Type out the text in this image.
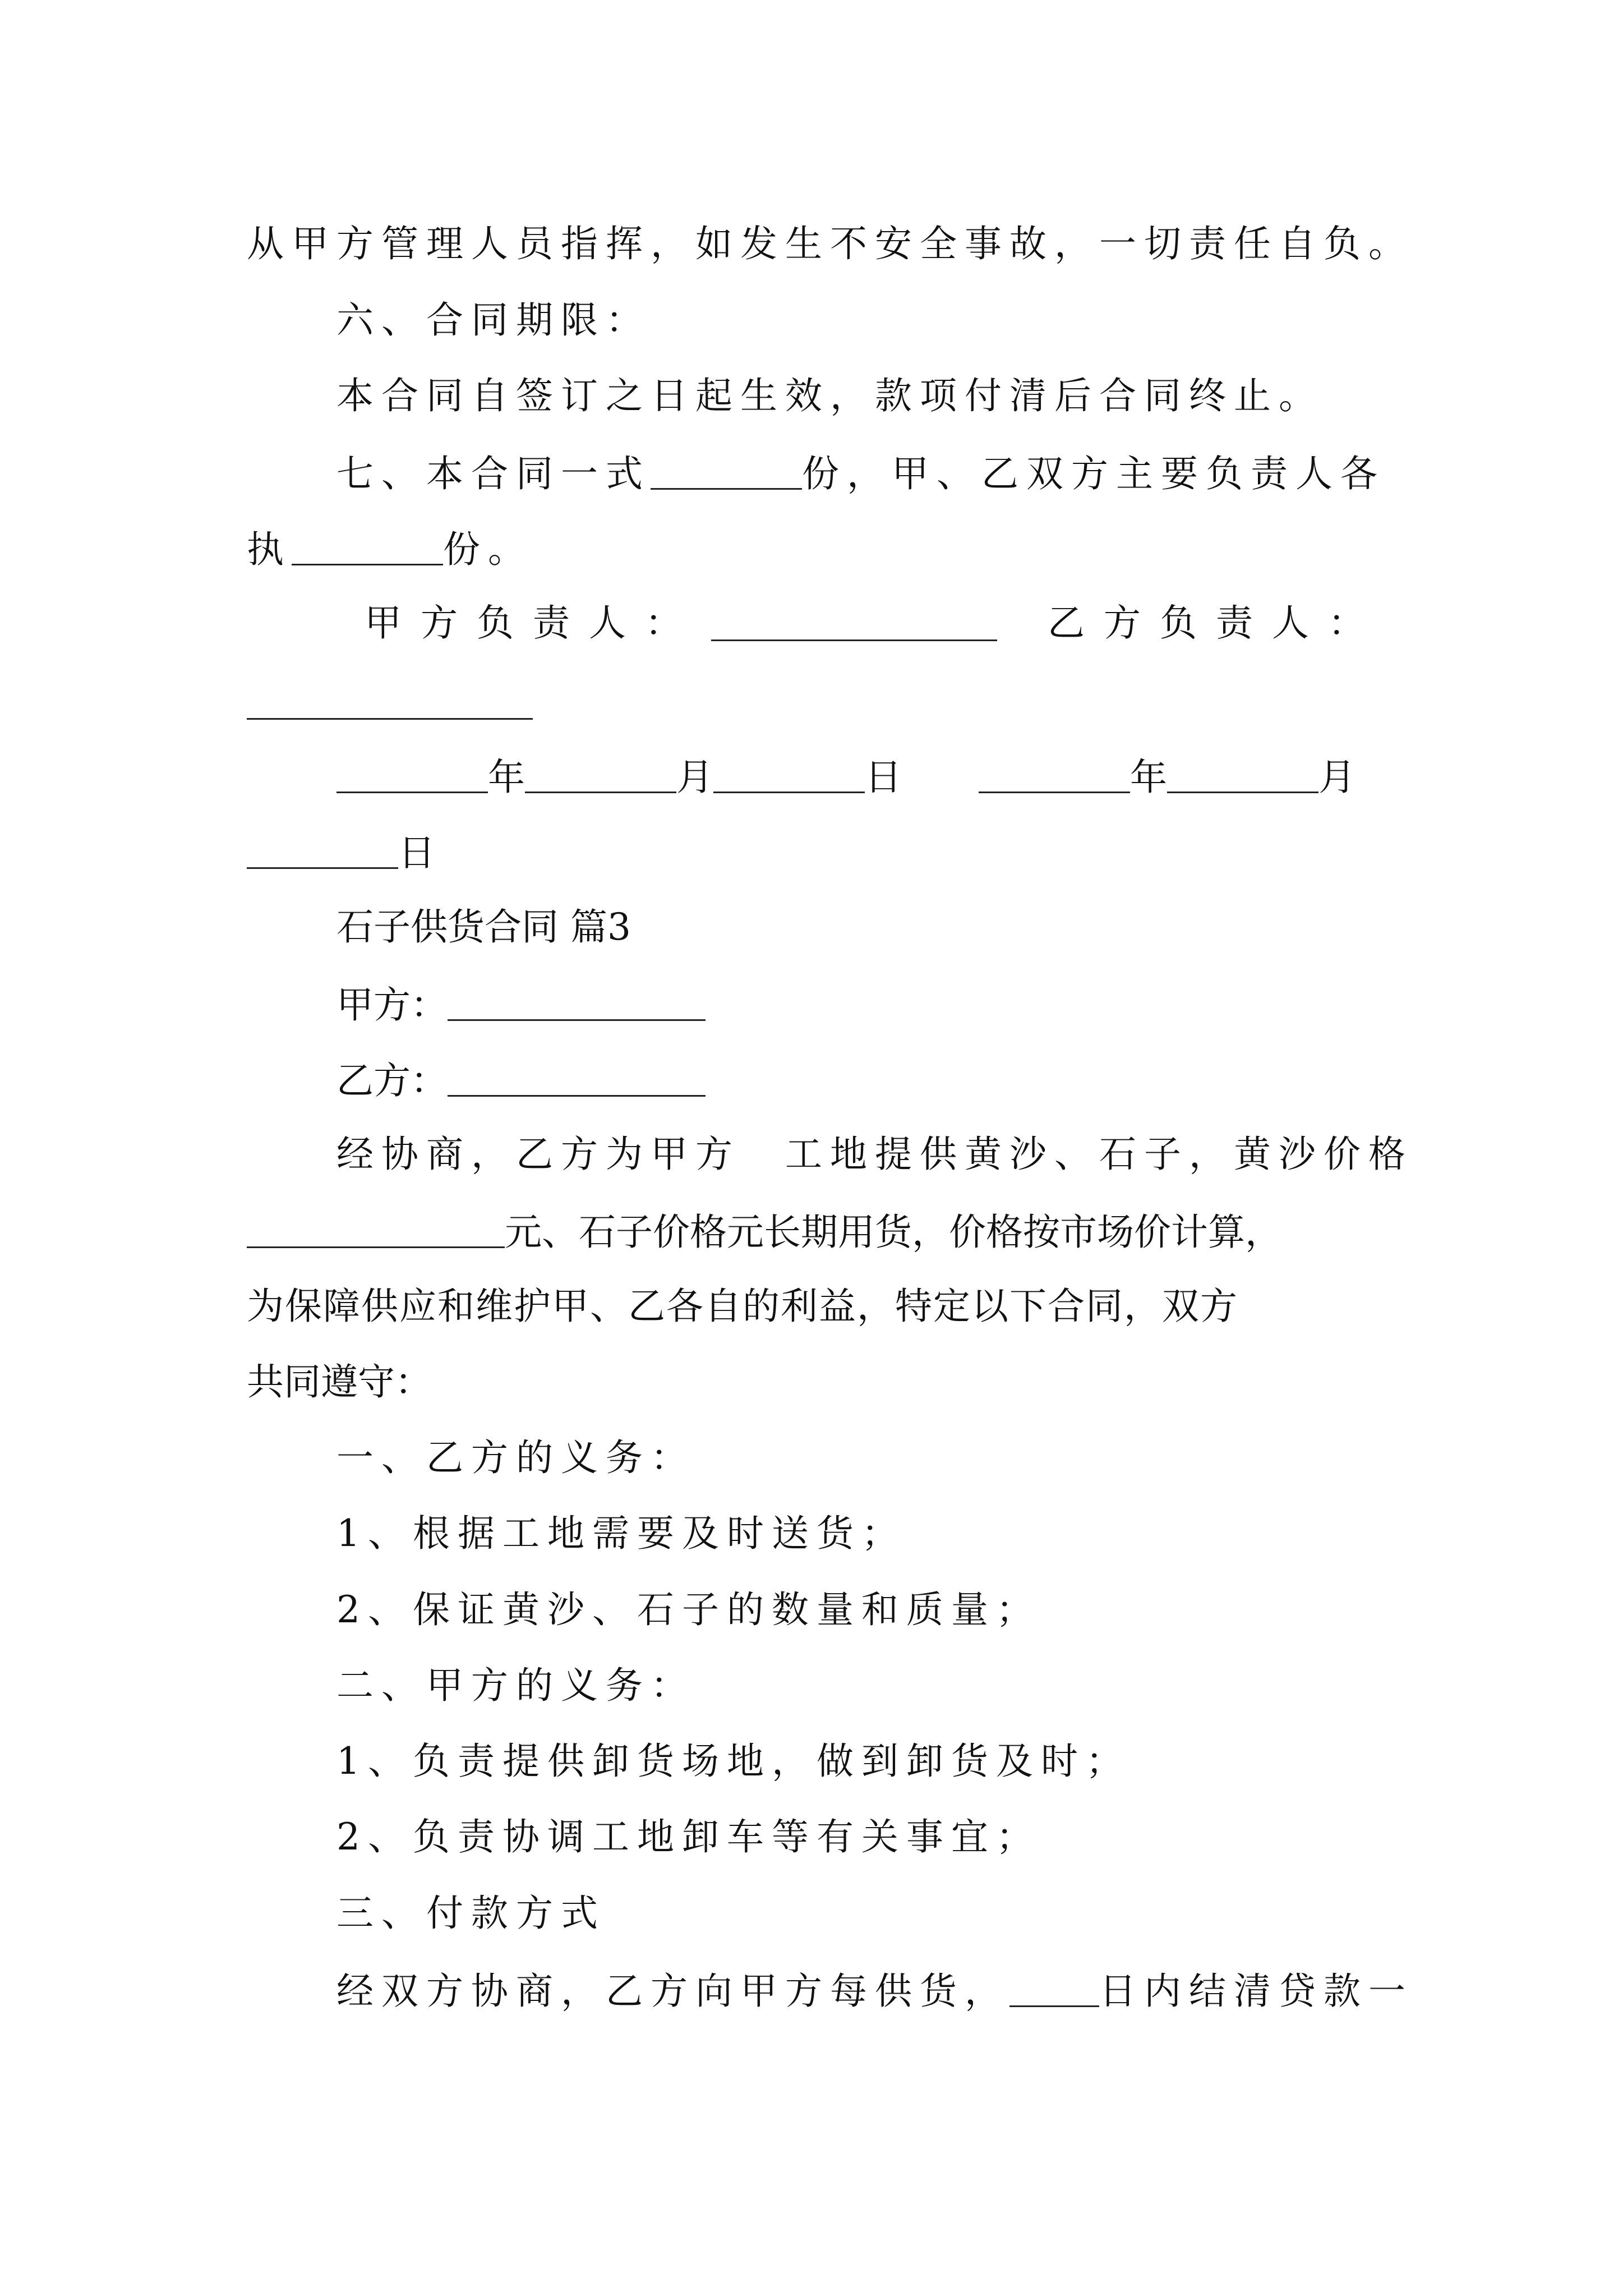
从甲方管理人员指挥，如发生不安全事故，一切责任自负。
六、合同期限：
本合同自签订之日起生效，款项付清后合同终止。
七、本合同一式	份，甲、乙双方主要负责人各
执	份。
甲方负责人：	乙方负责人：
年	月	日	年	月
日
石子供货合同 篇3
甲方：
乙方：
经协商，乙方为甲方 工地提供黄沙、石子，黄沙价格
元、石子价格元长期用货，价格按市场价计算，
为保障供应和维护甲、乙各自的利益，特定以下合同，双方
共同遵守：
一、乙方的义务：
1、根据工地需要及时送货；
2、保证黄沙、石子的数量和质量；
二、甲方的义务：
1、负责提供卸货场地，做到卸货及时；
2、负责协调工地卸车等有关事宜；
三、付款方式
经双方协商，乙方向甲方每供货， 日内结清贷款一
